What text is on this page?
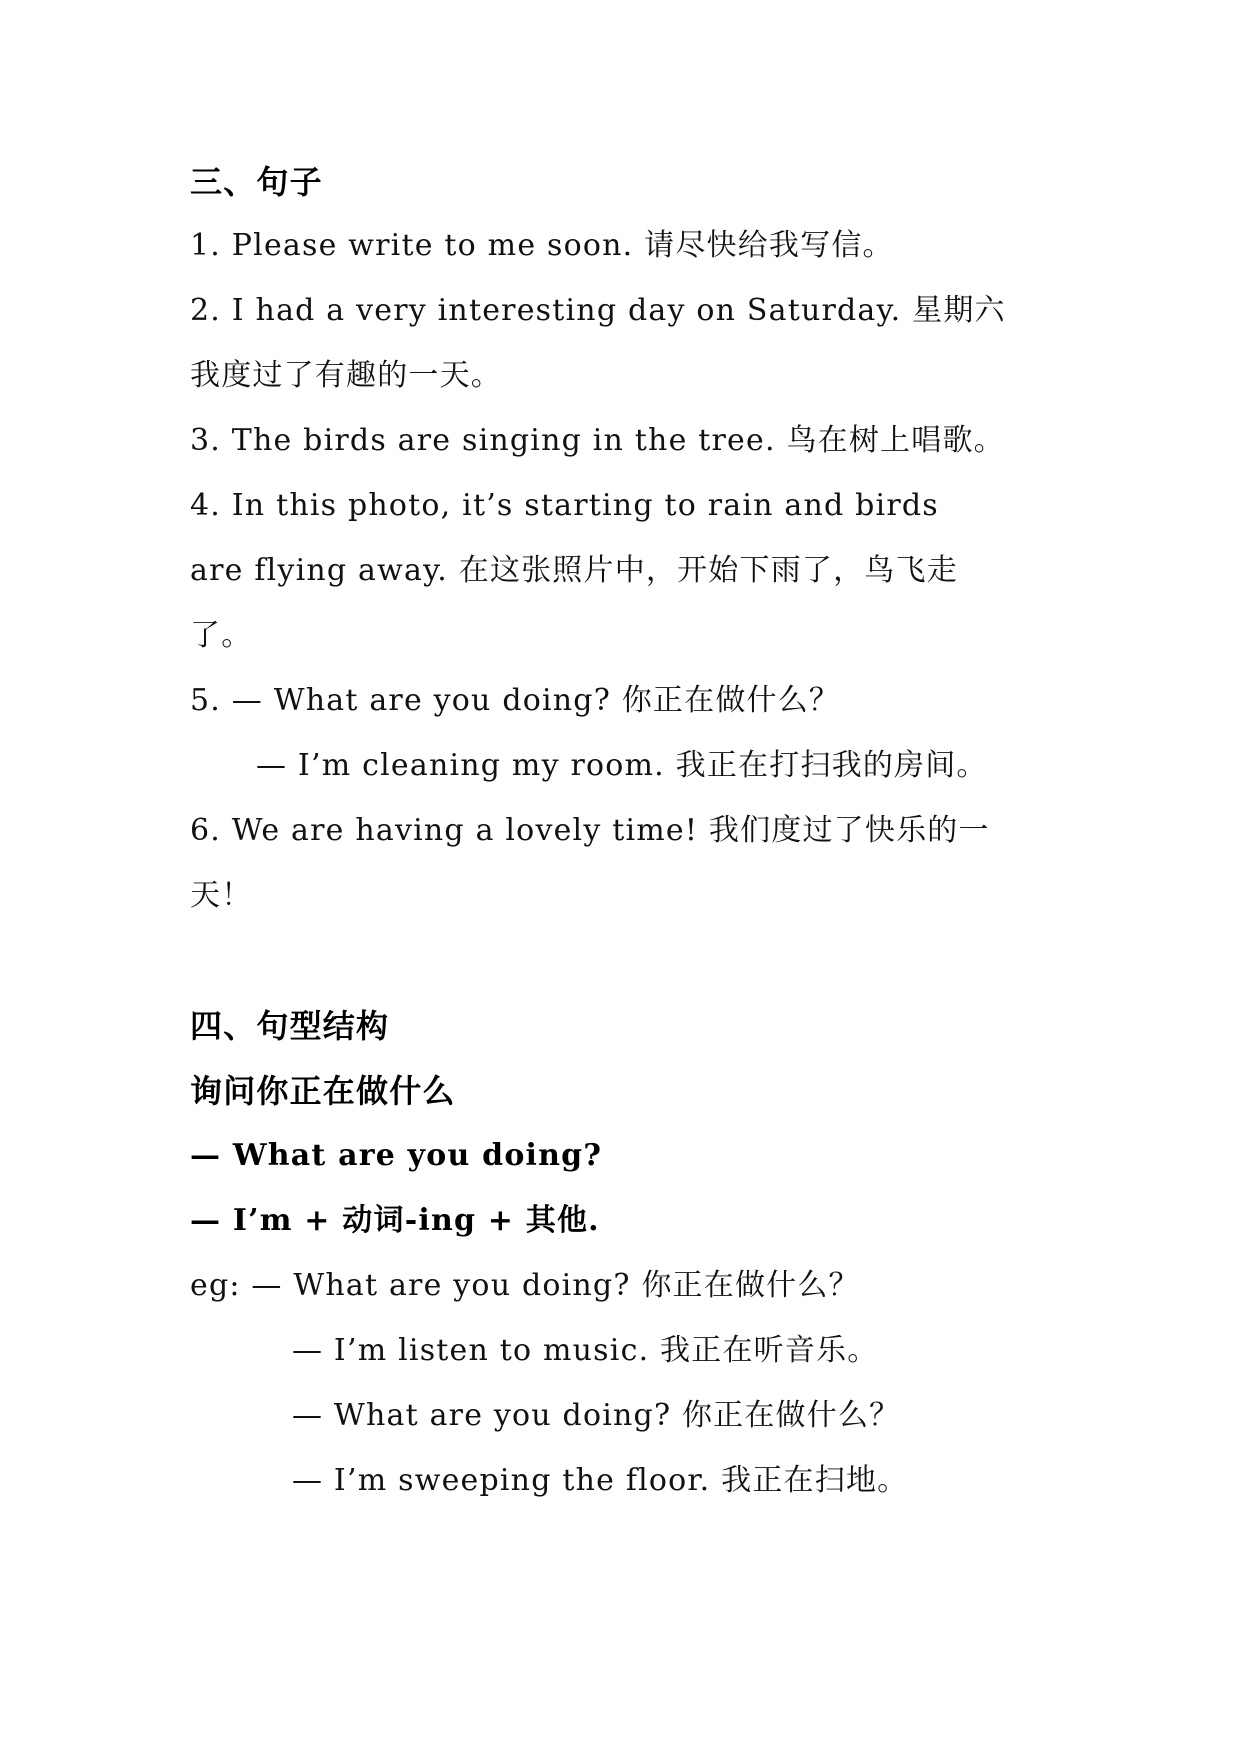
三、句子
1. Please write to me soon. 请尽快给我写信。
2. I had a very interesting day on Saturday. 星期六
我度过了有趣的一天。
3. The birds are singing in the tree. 鸟在树上唱歌。
4. In this photo, it’s starting to rain and birds
are flying away. 在这张照片中，开始下雨了，鸟飞走
了。
5. — What are you doing? 你正在做什么？
— I’m cleaning my room. 我正在打扫我的房间。
6. We are having a lovely time! 我们度过了快乐的一
天！
四、句型结构
询问你正在做什么
— What are you doing?
— I’m + 动词-ing + 其他.
eg: — What are you doing? 你正在做什么？
— I’m listen to music. 我正在听音乐。
— What are you doing? 你正在做什么？
— I’m sweeping the floor. 我正在扫地。
